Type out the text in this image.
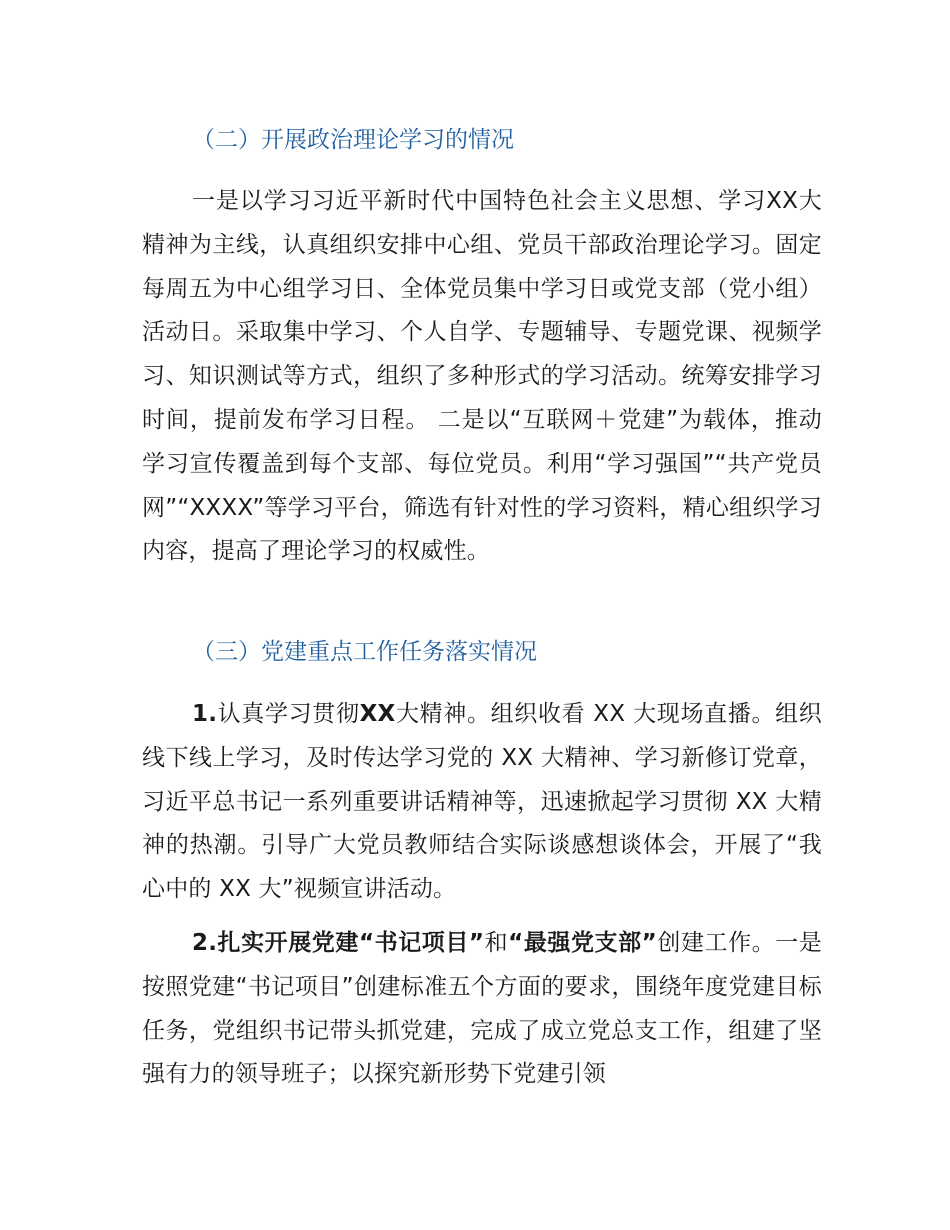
（二）开展政治理论学习的情况
一是以学习习近平新时代中国特色社会主义思想、学习XX大精神为主线，认真组织安排中心组、党员干部政治理论学习。固定每周五为中心组学习日、全体党员集中学习日或党支部（党小组）活动日。采取集中学习、个人自学、专题辅导、专题党课、视频学习、知识测试等方式，组织了多种形式的学习活动。统筹安排学习时间，提前发布学习日程。 二是以“互联网＋党建”为载体，推动学习宣传覆盖到每个支部、每位党员。利用“学习强国”“共产党员网”“XXXX”等学习平台，筛选有针对性的学习资料，精心组织学习内容，提高了理论学习的权威性。
（三）党建重点工作任务落实情况
1.认真学习贯彻XX大精神。组织收看 XX 大现场直播。组织线下线上学习，及时传达学习党的 XX 大精神、学习新修订党章，习近平总书记一系列重要讲话精神等，迅速掀起学习贯彻 XX 大精神的热潮。引导广大党员教师结合实际谈感想谈体会，开展了“我心中的 XX 大”视频宣讲活动。
2.扎实开展党建“书记项目”和“最强党支部”创建工作。一是按照党建“书记项目”创建标准五个方面的要求，围绕年度党建目标任务，党组织书记带头抓党建，完成了成立党总支工作，组建了坚强有力的领导班子；以探究新形势下党建引领
